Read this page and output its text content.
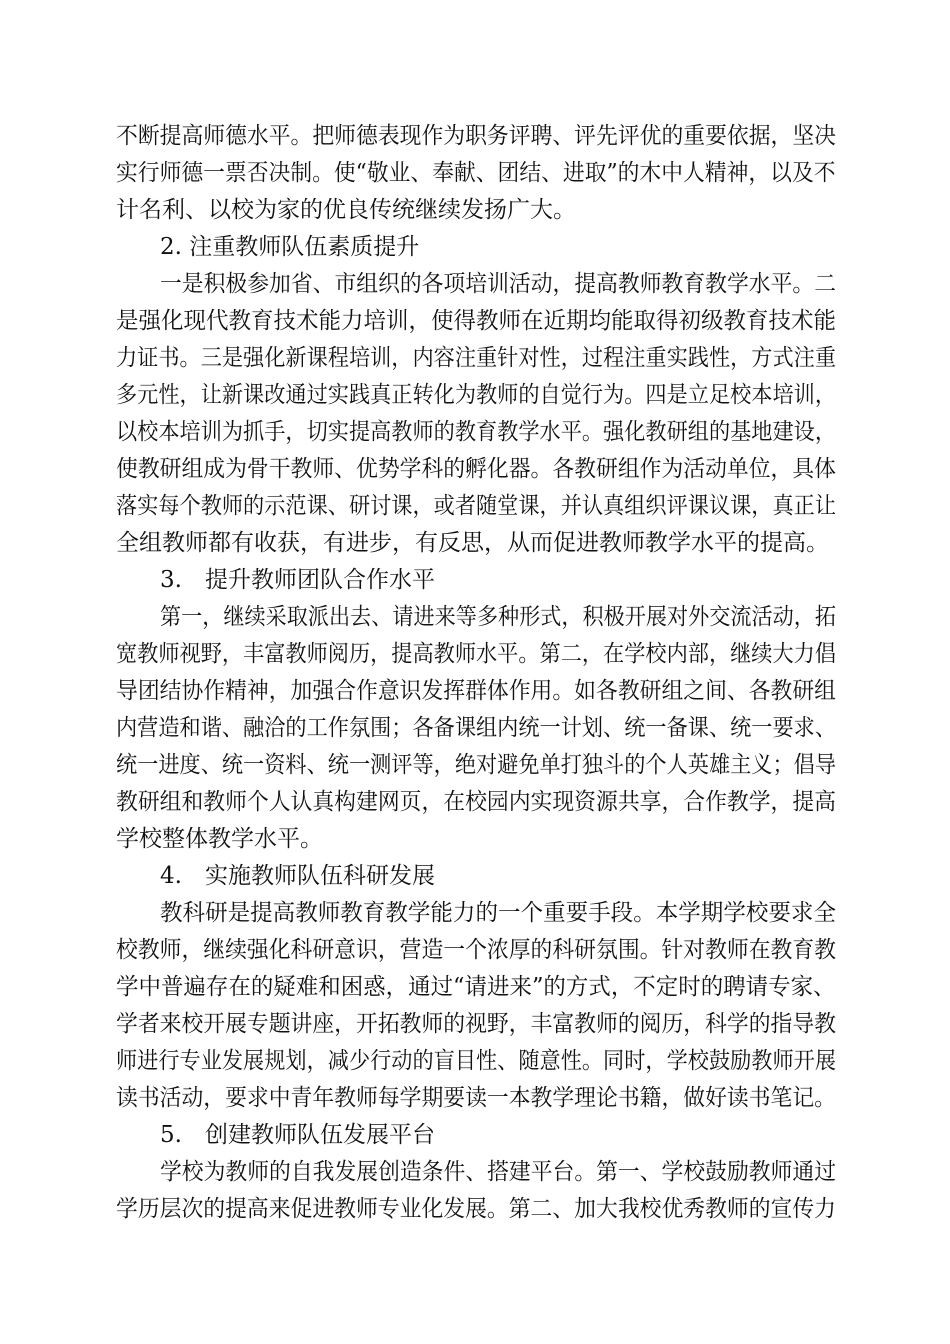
不断提高师德水平。把师德表现作为职务评聘、评先评优的重要依据，坚决
实行师德一票否决制。使“敬业、奉献、团结、进取”的木中人精神，以及不
计名利、以校为家的优良传统继续发扬广大。
2. 注重教师队伍素质提升
一是积极参加省、市组织的各项培训活动，提高教师教育教学水平。二
是强化现代教育技术能力培训，使得教师在近期均能取得初级教育技术能
力证书。三是强化新课程培训，内容注重针对性，过程注重实践性，方式注重
多元性，让新课改通过实践真正转化为教师的自觉行为。四是立足校本培训，
以校本培训为抓手，切实提高教师的教育教学水平。强化教研组的基地建设，
使教研组成为骨干教师、优势学科的孵化器。各教研组作为活动单位，具体
落实每个教师的示范课、研讨课，或者随堂课，并认真组织评课议课，真正让
全组教师都有收获，有进步，有反思，从而促进教师教学水平的提高。
3.　提升教师团队合作水平
第一，继续采取派出去、请进来等多种形式，积极开展对外交流活动，拓
宽教师视野，丰富教师阅历，提高教师水平。第二，在学校内部，继续大力倡
导团结协作精神，加强合作意识发挥群体作用。如各教研组之间、各教研组
内营造和谐、融洽的工作氛围；各备课组内统一计划、统一备课、统一要求、
统一进度、统一资料、统一测评等，绝对避免单打独斗的个人英雄主义；倡导
教研组和教师个人认真构建网页，在校园内实现资源共享，合作教学，提高
学校整体教学水平。
4.　实施教师队伍科研发展
教科研是提高教师教育教学能力的一个重要手段。本学期学校要求全
校教师，继续强化科研意识，营造一个浓厚的科研氛围。针对教师在教育教
学中普遍存在的疑难和困惑，通过“请进来”的方式，不定时的聘请专家、
学者来校开展专题讲座，开拓教师的视野，丰富教师的阅历，科学的指导教
师进行专业发展规划，减少行动的盲目性、随意性。同时，学校鼓励教师开展
读书活动，要求中青年教师每学期要读一本教学理论书籍，做好读书笔记。
5.　创建教师队伍发展平台
学校为教师的自我发展创造条件、搭建平台。第一、学校鼓励教师通过
学历层次的提高来促进教师专业化发展。第二、加大我校优秀教师的宣传力
